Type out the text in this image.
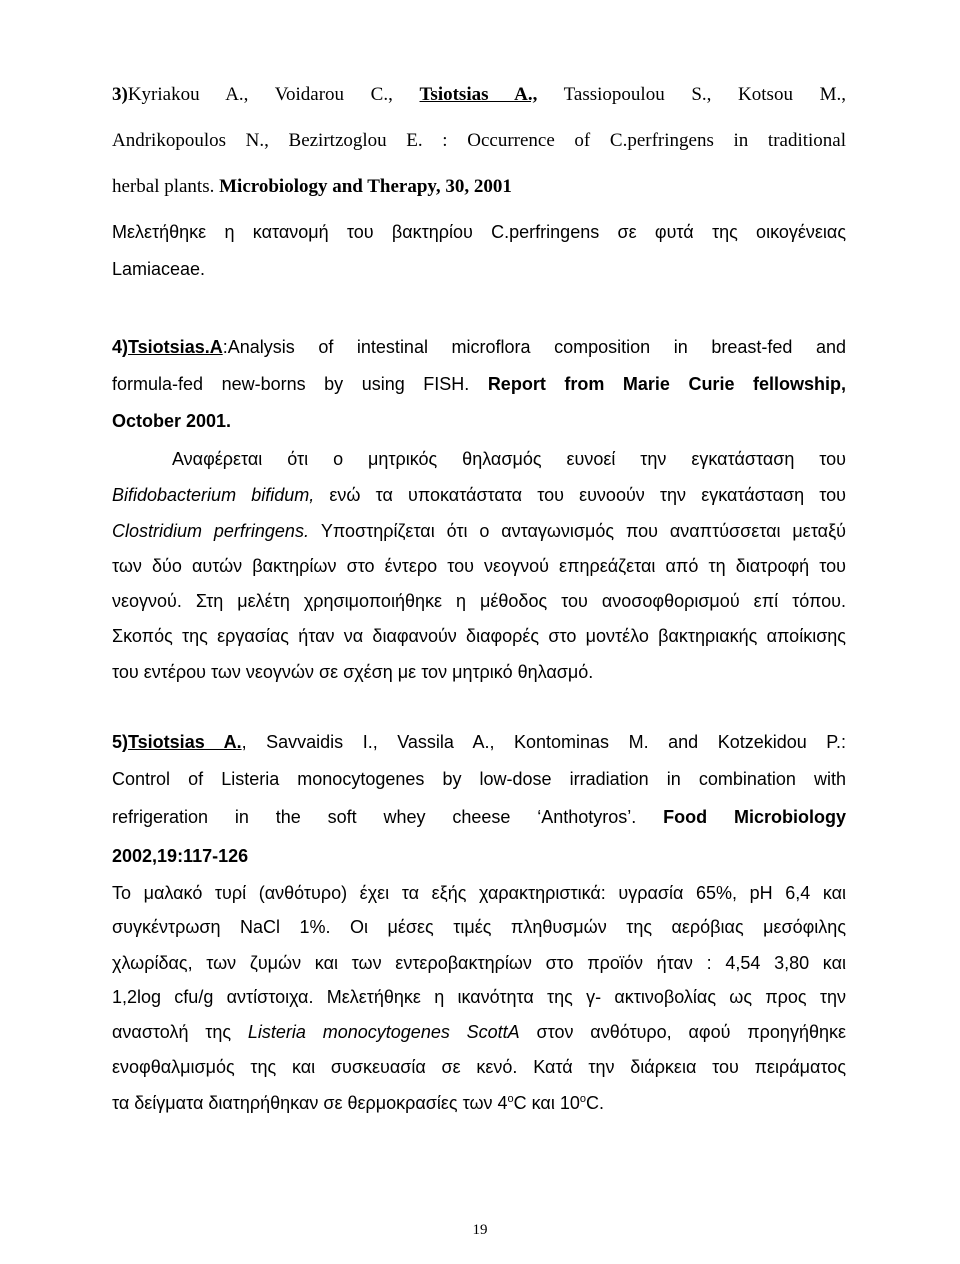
3)Kyriakou A., Voidarou C., Tsiotsias A., Tassiopoulou S., Kotsou M.,
Andrikopoulos N., Bezirtzoglou E. : Occurrence of C.perfringens in traditional
herbal plants. Microbiology and Therapy, 30, 2001
Μελετήθηκε η κατανομή του βακτηρίου C.perfringens σε φυτά της οικογένειας
Lamiaceae.
4)Tsiotsias.A:Analysis of intestinal microflora composition in breast-fed and
formula-fed new-borns by using FISH. Report from Marie Curie fellowship,
October 2001.
Αναφέρεται ότι ο μητρικός θηλασμός ευνοεί την εγκατάσταση του
Bifidobacterium bifidum, ενώ τα υποκατάστατα του ευνοούν την εγκατάσταση του
Clostridium perfringens. Υποστηρίζεται ότι ο ανταγωνισμός που αναπτύσσεται μεταξύ
των δύο αυτών βακτηρίων στο έντερο του νεογνού επηρεάζεται από τη διατροφή του
νεογνού. Στη μελέτη χρησιμοποιήθηκε η μέθοδος του ανοσοφθορισμού επί τόπου.
Σκοπός της εργασίας ήταν να διαφανούν διαφορές στο μοντέλο βακτηριακής αποίκισης
του εντέρου των νεογνών σε σχέση με τον μητρικό θηλασμό.
5)Tsiotsias A., Savvaidis I., Vassila A., Kontominas M. and Kotzekidou P.:
Control of Listeria monocytogenes by low-dose irradiation in combination with
refrigeration in the soft whey cheese ‘Anthotyros’. Food Microbiology
2002,19:117-126
Το μαλακό τυρί (ανθότυρο) έχει τα εξής χαρακτηριστικά: υγρασία 65%, pH 6,4 και
συγκέντρωση NaCl 1%. Οι μέσες τιμές πληθυσμών της αερόβιας μεσόφιλης
χλωρίδας, των ζυμών και των εντεροβακτηρίων στο προϊόν ήταν : 4,54 3,80 και
1,2log cfu/g αντίστοιχα. Μελετήθηκε η ικανότητα της γ- ακτινοβολίας ως προς την
αναστολή της Listeria monocytogenes ScottA στον ανθότυρο, αφού προηγήθηκε
ενοφθαλμισμός της και συσκευασία σε κενό. Κατά την διάρκεια του πειράματος
τα δείγματα διατηρήθηκαν σε θερμοκρασίες των 4$^o$C και 10$^o$C.
19
